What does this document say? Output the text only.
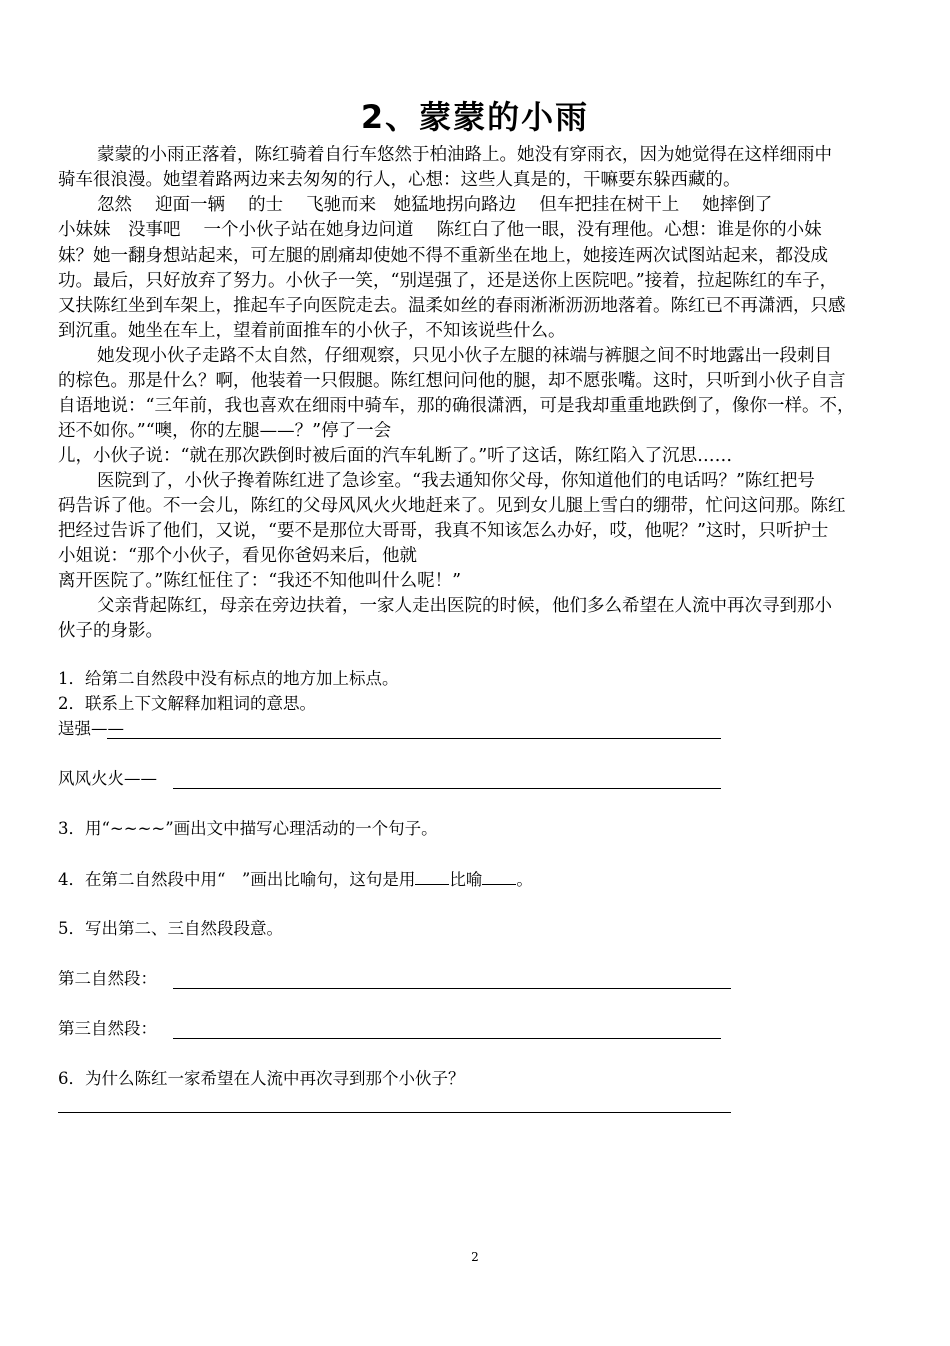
2、蒙蒙的小雨
蒙蒙的小雨正落着，陈红骑着自行车悠然于柏油路上。她没有穿雨衣，因为她觉得在这样细雨中
骑车很浪漫。她望着路两边来去匆匆的行人，心想：这些人真是的，干嘛要东躲西藏的。
忽然　 迎面一辆　 的士　 飞驰而来　她猛地拐向路边　 但车把挂在树干上　 她摔倒了
小妹妹　没事吧　 一个小伙子站在她身边问道　 陈红白了他一眼，没有理他。心想：谁是你的小妹
妹？她一翻身想站起来，可左腿的剧痛却使她不得不重新坐在地上，她接连两次试图站起来，都没成
功。最后，只好放弃了努力。小伙子一笑，“别逞强了，还是送你上医院吧。”接着，拉起陈红的车子，
又扶陈红坐到车架上，推起车子向医院走去。温柔如丝的春雨淅淅沥沥地落着。陈红已不再潇洒，只感
到沉重。她坐在车上，望着前面推车的小伙子，不知该说些什么。
她发现小伙子走路不太自然，仔细观察，只见小伙子左腿的袜端与裤腿之间不时地露出一段刺目
的棕色。那是什么？啊，他装着一只假腿。陈红想问问他的腿，却不愿张嘴。这时，只听到小伙子自言
自语地说：“三年前，我也喜欢在细雨中骑车，那的确很潇洒，可是我却重重地跌倒了，像你一样。不，
还不如你。”“噢，你的左腿——？”停了一会
儿，小伙子说：“就在那次跌倒时被后面的汽车轧断了。”听了这话，陈红陷入了沉思……
医院到了，小伙子搀着陈红进了急诊室。“我去通知你父母，你知道他们的电话吗？”陈红把号
码告诉了他。不一会儿，陈红的父母风风火火地赶来了。见到女儿腿上雪白的绷带，忙问这问那。陈红
把经过告诉了他们，又说，“要不是那位大哥哥，我真不知该怎么办好，哎，他呢？”这时，只听护士
小姐说：“那个小伙子，看见你爸妈来后，他就
离开医院了。”陈红怔住了：“我还不知他叫什么呢！”
父亲背起陈红，母亲在旁边扶着，一家人走出医院的时候，他们多么希望在人流中再次寻到那小
伙子的身影。
1．给第二自然段中没有标点的地方加上标点。
2．联系上下文解释加粗词的意思。
逞强——
风风火火——
3．用“~~~~”画出文中描写心理活动的一个句子。
4．在第二自然段中用“　”画出比喻句，这句是用 比喻 。
5．写出第二、三自然段段意。
第二自然段：
第三自然段：
6．为什么陈红一家希望在人流中再次寻到那个小伙子？
2
